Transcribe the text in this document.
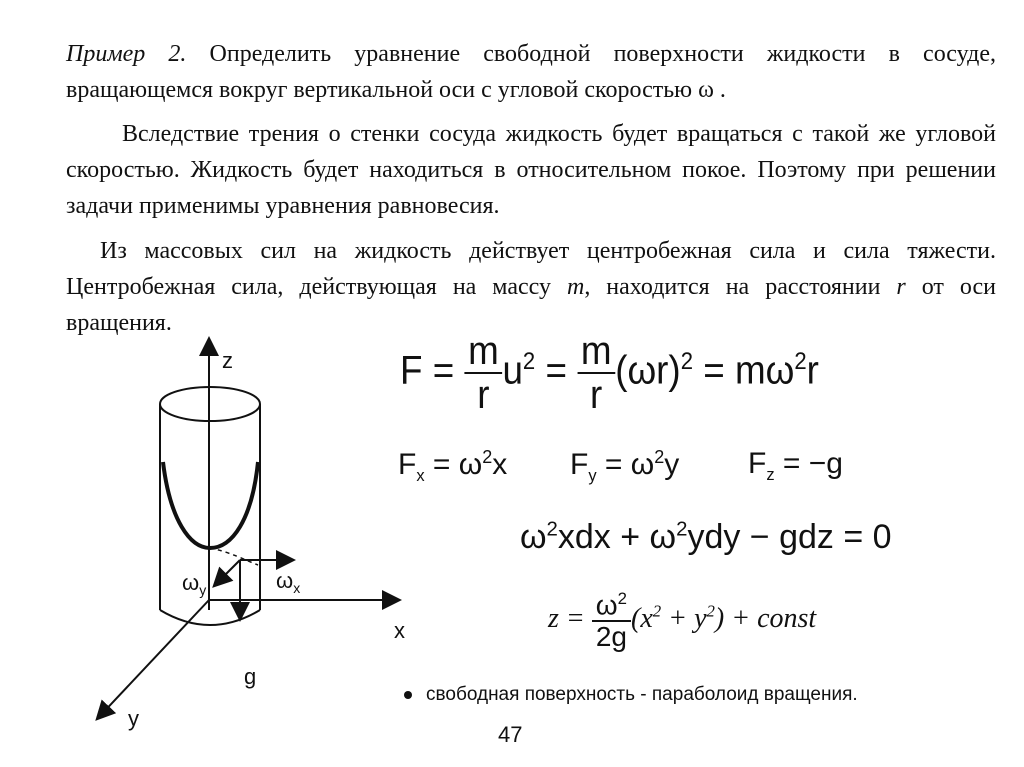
Пример 2. Определить уравнение свободной поверхности жидкости в сосуде, вращающемся вокруг вертикальной оси с угловой скоростью ω .

Вследствие трения о стенки сосуда жидкость будет вращаться с такой же угловой скоростью. Жидкость будет находиться в относительном покое. Поэтому при решении задачи применимы уравнения равновесия.

Из массовых сил на жидкость действует центробежная сила и сила тяжести. Центробежная сила, действующая на массу m, находится на расстоянии r от оси вращения.

z
x
y
g
$\omega_y$	$\omega_x$
$F = \frac{m}{r} u^2 = \frac{m}{r} (\omega r)^2 = m\omega^2r$
$F_x = \omega^2x$ $F_y = \omega^2y$ $F_z = -g$
$\omega^2xdx + \omega^2ydy$ − gdz = 0
$z = \frac{\omega^2}{2g} (x^2 + y^2)$ + const
свободная поверхность - параболоид вращения.
47
